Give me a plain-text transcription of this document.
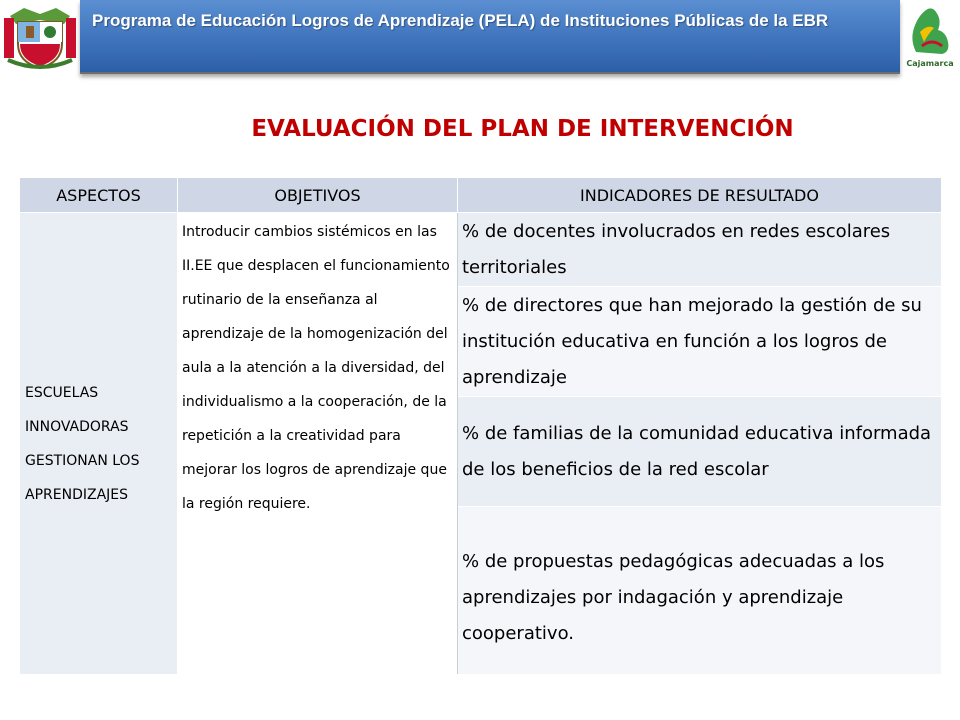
Programa de Educación Logros de Aprendizaje (PELA) de Instituciones Públicas de la EBR
Cajamarca
EVALUACIÓN DEL PLAN DE INTERVENCIÓN
ASPECTOS	OBJETIVOS	INDICADORES DE RESULTADO
ESCUELAS INNOVADORAS GESTIONAN LOS APRENDIZAJES	Introducir cambios sistémicos en las II.EE que desplacen el funcionamiento rutinario de la enseñanza al aprendizaje de la homogenización del aula a la atención a la diversidad, del individualismo a la cooperación, de la repetición a la creatividad para mejorar los logros de aprendizaje que la región requiere.	% de docentes involucrados en redes escolares territoriales
		% de directores que han mejorado la gestión de su institución educativa en función a los logros de aprendizaje
		% de familias de la comunidad educativa informada de los beneficios de la red escolar
		% de propuestas pedagógicas adecuadas a los aprendizajes por indagación y aprendizaje cooperativo.
